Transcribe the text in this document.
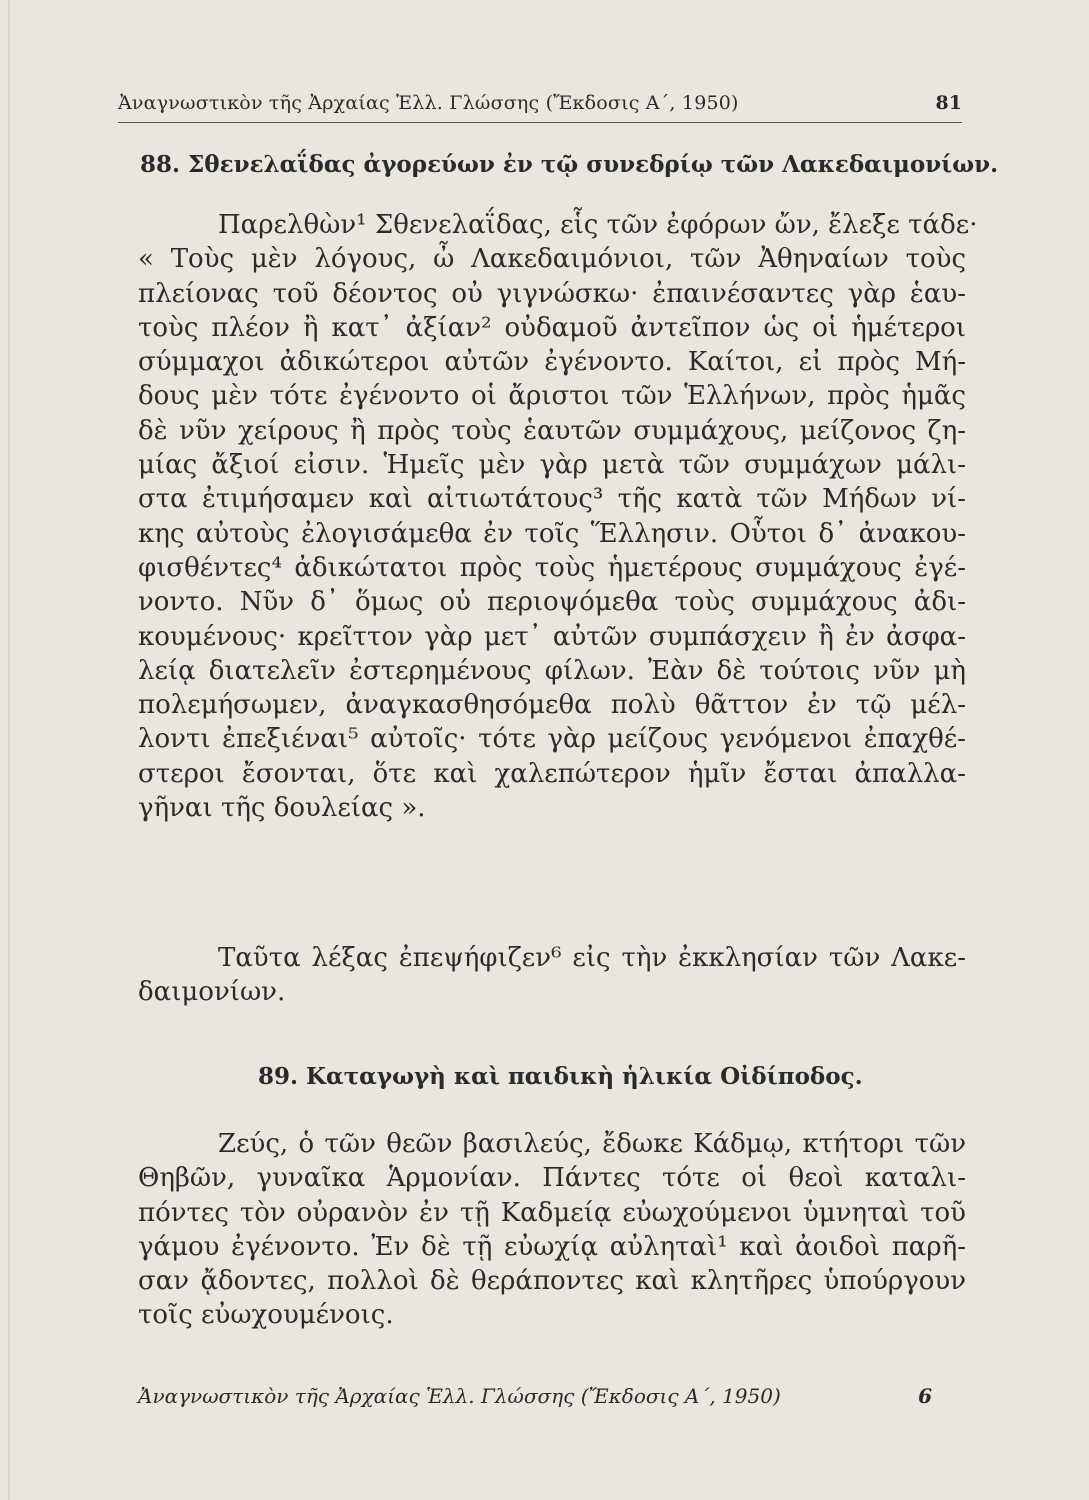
Ἀναγνωστικὸν τῆς Ἀρχαίας Ἑλλ. Γλώσσης (Ἔκδοσις Α΄, 1950)	81
88. Σθενελαΐδας ἀγορεύων ἐν τῷ συνεδρίῳ τῶν Λακεδαιμονίων.
Παρελθὼν¹ Σθενελαΐδας, εἷς τῶν ἐφόρων ὤν, ἔλεξε τάδε·
« Τοὺς μὲν λόγους, ὦ Λακεδαιμόνιοι, τῶν Ἀθηναίων τοὺς
πλείονας τοῦ δέοντος οὐ γιγνώσκω· ἐπαινέσαντες γὰρ ἑαυ-
τοὺς πλέον ἢ κατ᾽ ἀξίαν² οὐδαμοῦ ἀντεῖπον ὡς οἱ ἡμέτεροι
σύμμαχοι ἀδικώτεροι αὐτῶν ἐγένοντο. Καίτοι, εἰ πρὸς Μή-
δους μὲν τότε ἐγένοντο οἱ ἄριστοι τῶν Ἑλλήνων, πρὸς ἡμᾶς
δὲ νῦν χείρους ἢ πρὸς τοὺς ἑαυτῶν συμμάχους, μείζονος ζη-
μίας ἄξιοί εἰσιν. Ἡμεῖς μὲν γὰρ μετὰ τῶν συμμάχων μάλι-
στα ἐτιμήσαμεν καὶ αἰτιωτάτους³ τῆς κατὰ τῶν Μήδων νί-
κης αὐτοὺς ἐλογισάμεθα ἐν τοῖς Ἕλλησιν. Οὗτοι δ᾽ ἀνακου-
φισθέντες⁴ ἀδικώτατοι πρὸς τοὺς ἡμετέρους συμμάχους ἐγέ-
νοντο. Νῦν δ᾽ ὅμως οὐ περιοψόμεθα τοὺς συμμάχους ἀδι-
κουμένους· κρεῖττον γὰρ μετ᾽ αὐτῶν συμπάσχειν ἢ ἐν ἀσφα-
λείᾳ διατελεῖν ἐστερημένους φίλων. Ἐὰν δὲ τούτοις νῦν μὴ
πολεμήσωμεν, ἀναγκασθησόμεθα πολὺ θᾶττον ἐν τῷ μέλ-
λοντι ἐπεξιέναι⁵ αὐτοῖς· τότε γὰρ μείζους γενόμενοι ἐπαχθέ-
στεροι ἔσονται, ὅτε καὶ χαλεπώτερον ἡμῖν ἔσται ἀπαλλα-
γῆναι τῆς δουλείας ».
Ταῦτα λέξας ἐπεψήφιζεν⁶ εἰς τὴν ἐκκλησίαν τῶν Λακε-
δαιμονίων.
89. Καταγωγὴ καὶ παιδικὴ ἡλικία Οἰδίποδος.
Ζεύς, ὁ τῶν θεῶν βασιλεύς, ἔδωκε Κάδμῳ, κτήτορι τῶν
Θηβῶν, γυναῖκα Ἁρμονίαν. Πάντες τότε οἱ θεοὶ καταλι-
πόντες τὸν οὐρανὸν ἐν τῇ Καδμείᾳ εὐωχούμενοι ὑμνηταὶ τοῦ
γάμου ἐγένοντο. Ἐν δὲ τῇ εὐωχίᾳ αὐληταὶ¹ καὶ ἀοιδοὶ παρῆ-
σαν ᾄδοντες, πολλοὶ δὲ θεράποντες καὶ κλητῆρες ὑπούργουν
τοῖς εὐωχουμένοις.
Ἀναγνωστικὸν τῆς Ἀρχαίας Ἑλλ. Γλώσσης (Ἔκδοσις Α΄, 1950)	6
